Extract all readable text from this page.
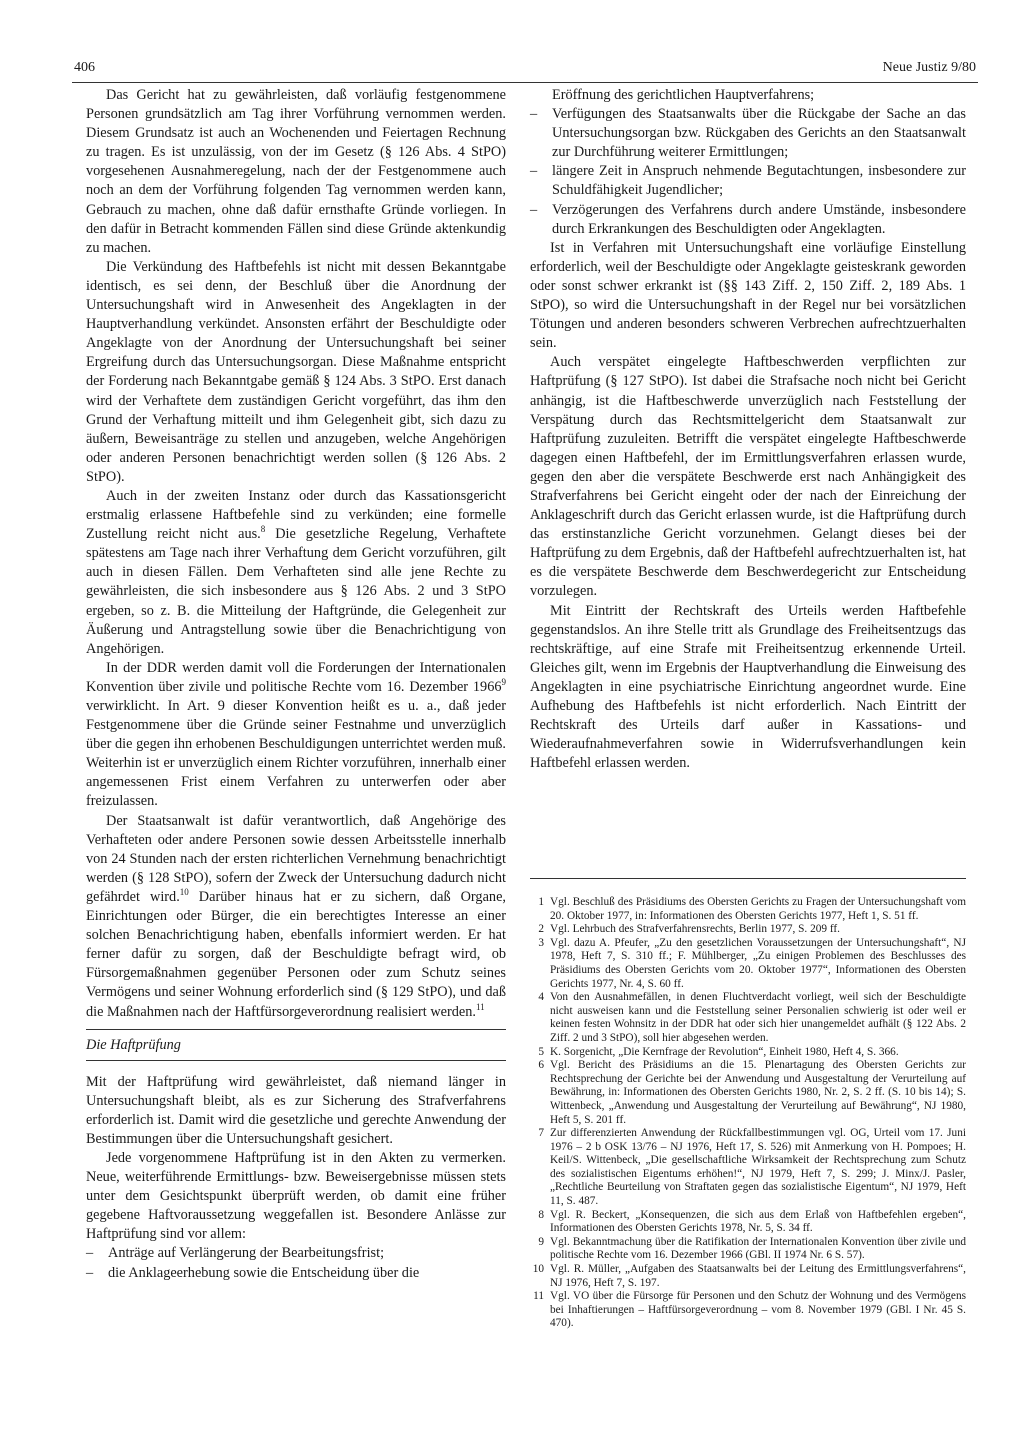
406	Neue Justiz 9/80

Das Gericht hat zu gewährleisten, daß vorläufig festgenommene Personen grundsätzlich am Tag ihrer Vorführung vernommen werden. Diesem Grundsatz ist auch an Wochenenden und Feiertagen Rechnung zu tragen. Es ist unzulässig, von der im Gesetz (§ 126 Abs. 4 StPO) vorgesehenen Ausnahmeregelung, nach der der Festgenommene auch noch an dem der Vorführung folgenden Tag vernommen werden kann, Gebrauch zu machen, ohne daß dafür ernsthafte Gründe vorliegen. In den dafür in Betracht kommenden Fällen sind diese Gründe aktenkundig zu machen.

Die Verkündung des Haftbefehls ist nicht mit dessen Bekanntgabe identisch, es sei denn, der Beschluß über die Anordnung der Untersuchungshaft wird in Anwesenheit des Angeklagten in der Hauptverhandlung verkündet. Ansonsten erfährt der Beschuldigte oder Angeklagte von der Anordnung der Untersuchungshaft bei seiner Ergreifung durch das Untersuchungsorgan. Diese Maßnahme entspricht der Forderung nach Bekanntgabe gemäß § 124 Abs. 3 StPO. Erst danach wird der Verhaftete dem zuständigen Gericht vorgeführt, das ihm den Grund der Verhaftung mitteilt und ihm Gelegenheit gibt, sich dazu zu äußern, Beweisanträge zu stellen und anzugeben, welche Angehörigen oder anderen Personen benachrichtigt werden sollen (§ 126 Abs. 2 StPO).

Auch in der zweiten Instanz oder durch das Kassationsgericht erstmalig erlassene Haftbefehle sind zu verkünden; eine formelle Zustellung reicht nicht aus.$^8$ Die gesetzliche Regelung, Verhaftete spätestens am Tage nach ihrer Verhaftung dem Gericht vorzuführen, gilt auch in diesen Fällen. Dem Verhafteten sind alle jene Rechte zu gewährleisten, die sich insbesondere aus § 126 Abs. 2 und 3 StPO ergeben, so z. B. die Mitteilung der Haftgründe, die Gelegenheit zur Äußerung und Antragstellung sowie über die Benachrichtigung von Angehörigen.

In der DDR werden damit voll die Forderungen der Internationalen Konvention über zivile und politische Rechte vom 16. Dezember 1966$^9$ verwirklicht. In Art. 9 dieser Konvention heißt es u. a., daß jeder Festgenommene über die Gründe seiner Festnahme und unverzüglich über die gegen ihn erhobenen Beschuldigungen unterrichtet werden muß. Weiterhin ist er unverzüglich einem Richter vorzuführen, innerhalb einer angemessenen Frist einem Verfahren zu unterwerfen oder aber freizulassen.

Der Staatsanwalt ist dafür verantwortlich, daß Angehörige des Verhafteten oder andere Personen sowie dessen Arbeitsstelle innerhalb von 24 Stunden nach der ersten richterlichen Vernehmung benachrichtigt werden (§ 128 StPO), sofern der Zweck der Untersuchung dadurch nicht gefährdet wird.$^{10}$ Darüber hinaus hat er zu sichern, daß Organe, Einrichtungen oder Bürger, die ein berechtigtes Interesse an einer solchen Benachrichtigung haben, ebenfalls informiert werden. Er hat ferner dafür zu sorgen, daß der Beschuldigte befragt wird, ob Fürsorgemaßnahmen gegenüber Personen oder zum Schutz seines Vermögens und seiner Wohnung erforderlich sind (§ 129 StPO), und daß die Maßnahmen nach der Haftfürsorgeverordnung realisiert werden.$^{11}$

Die Haftprüfung

Mit der Haftprüfung wird gewährleistet, daß niemand länger in Untersuchungshaft bleibt, als es zur Sicherung des Strafverfahrens erforderlich ist. Damit wird die gesetzliche und gerechte Anwendung der Bestimmungen über die Untersuchungshaft gesichert.

Jede vorgenommene Haftprüfung ist in den Akten zu vermerken. Neue, weiterführende Ermittlungs- bzw. Beweisergebnisse müssen stets unter dem Gesichtspunkt überprüft werden, ob damit eine früher gegebene Haftvoraussetzung weggefallen ist. Besondere Anlässe zur Haftprüfung sind vor allem:

– Anträge auf Verlängerung der Bearbeitungsfrist;
– die Anklageerhebung sowie die Entscheidung über die
Eröffnung des gerichtlichen Hauptverfahrens;
– Verfügungen des Staatsanwalts über die Rückgabe der Sache an das Untersuchungsorgan bzw. Rückgaben des Gerichts an den Staatsanwalt zur Durchführung weiterer Ermittlungen;
– längere Zeit in Anspruch nehmende Begutachtungen, insbesondere zur Schuldfähigkeit Jugendlicher;
– Verzögerungen des Verfahrens durch andere Umstände, insbesondere durch Erkrankungen des Beschuldigten oder Angeklagten.

Ist in Verfahren mit Untersuchungshaft eine vorläufige Einstellung erforderlich, weil der Beschuldigte oder Angeklagte geisteskrank geworden oder sonst schwer erkrankt ist (§§ 143 Ziff. 2, 150 Ziff. 2, 189 Abs. 1 StPO), so wird die Untersuchungshaft in der Regel nur bei vorsätzlichen Tötungen und anderen besonders schweren Verbrechen aufrechtzuerhalten sein.

Auch verspätet eingelegte Haftbeschwerden verpflichten zur Haftprüfung (§ 127 StPO). Ist dabei die Strafsache noch nicht bei Gericht anhängig, ist die Haftbeschwerde unverzüglich nach Feststellung der Verspätung durch das Rechtsmittelgericht dem Staatsanwalt zur Haftprüfung zuzuleiten. Betrifft die verspätet eingelegte Haftbeschwerde dagegen einen Haftbefehl, der im Ermittlungsverfahren erlassen wurde, gegen den aber die verspätete Beschwerde erst nach Anhängigkeit des Strafverfahrens bei Gericht eingeht oder der nach der Einreichung der Anklageschrift durch das Gericht erlassen wurde, ist die Haftprüfung durch das erstinstanzliche Gericht vorzunehmen. Gelangt dieses bei der Haftprüfung zu dem Ergebnis, daß der Haftbefehl aufrechtzuerhalten ist, hat es die verspätete Beschwerde dem Beschwerdegericht zur Entscheidung vorzulegen.

Mit Eintritt der Rechtskraft des Urteils werden Haftbefehle gegenstandslos. An ihre Stelle tritt als Grundlage des Freiheitsentzugs das rechtskräftige, auf eine Strafe mit Freiheitsentzug erkennende Urteil. Gleiches gilt, wenn im Ergebnis der Hauptverhandlung die Einweisung des Angeklagten in eine psychiatrische Einrichtung angeordnet wurde. Eine Aufhebung des Haftbefehls ist nicht erforderlich. Nach Eintritt der Rechtskraft des Urteils darf außer in Kassations- und Wiederaufnahmeverfahren sowie in Widerrufsverhandlungen kein Haftbefehl erlassen werden.

1 Vgl. Beschluß des Präsidiums des Obersten Gerichts zu Fragen der Untersuchungshaft vom 20. Oktober 1977, in: Informationen des Obersten Gerichts 1977, Heft 1, S. 51 ff.
2 Vgl. Lehrbuch des Strafverfahrensrechts, Berlin 1977, S. 209 ff.
3 Vgl. dazu A. Pfeufer, „Zu den gesetzlichen Voraussetzungen der Untersuchungshaft“, NJ 1978, Heft 7, S. 310 ff.; F. Mühlberger, „Zu einigen Problemen des Beschlusses des Präsidiums des Obersten Gerichts vom 20. Oktober 1977“, Informationen des Obersten Gerichts 1977, Nr. 4, S. 60 ff.
4 Von den Ausnahmefällen, in denen Fluchtverdacht vorliegt, weil sich der Beschuldigte nicht ausweisen kann und die Feststellung seiner Personalien schwierig ist oder weil er keinen festen Wohnsitz in der DDR hat oder sich hier unangemeldet aufhält (§ 122 Abs. 2 Ziff. 2 und 3 StPO), soll hier abgesehen werden.
5 K. Sorgenicht, „Die Kernfrage der Revolution“, Einheit 1980, Heft 4, S. 366.
6 Vgl. Bericht des Präsidiums an die 15. Plenartagung des Obersten Gerichts zur Rechtsprechung der Gerichte bei der Anwendung und Ausgestaltung der Verurteilung auf Bewährung, in: Informationen des Obersten Gerichts 1980, Nr. 2, S. 2 ff. (S. 10 bis 14); S. Wittenbeck, „Anwendung und Ausgestaltung der Verurteilung auf Bewährung“, NJ 1980, Heft 5, S. 201 ff.
7 Zur differenzierten Anwendung der Rückfallbestimmungen vgl. OG, Urteil vom 17. Juni 1976 – 2 b OSK 13/76 – NJ 1976, Heft 17, S. 526) mit Anmerkung von H. Pompoes; H. Keil/S. Wittenbeck, „Die gesellschaftliche Wirksamkeit der Rechtsprechung zum Schutz des sozialistischen Eigentums erhöhen!“, NJ 1979, Heft 7, S. 299; J. Minx/J. Pasler, „Rechtliche Beurteilung von Straftaten gegen das sozialistische Eigentum“, NJ 1979, Heft 11, S. 487.
8 Vgl. R. Beckert, „Konsequenzen, die sich aus dem Erlaß von Haftbefehlen ergeben“, Informationen des Obersten Gerichts 1978, Nr. 5, S. 34 ff.
9 Vgl. Bekanntmachung über die Ratifikation der Internationalen Konvention über zivile und politische Rechte vom 16. Dezember 1966 (GBl. II 1974 Nr. 6 S. 57).
10 Vgl. R. Müller, „Aufgaben des Staatsanwalts bei der Leitung des Ermittlungsverfahrens“, NJ 1976, Heft 7, S. 197.
11 Vgl. VO über die Fürsorge für Personen und den Schutz der Wohnung und des Vermögens bei Inhaftierungen – Haftfürsorgeverordnung – vom 8. November 1979 (GBl. I Nr. 45 S. 470).
